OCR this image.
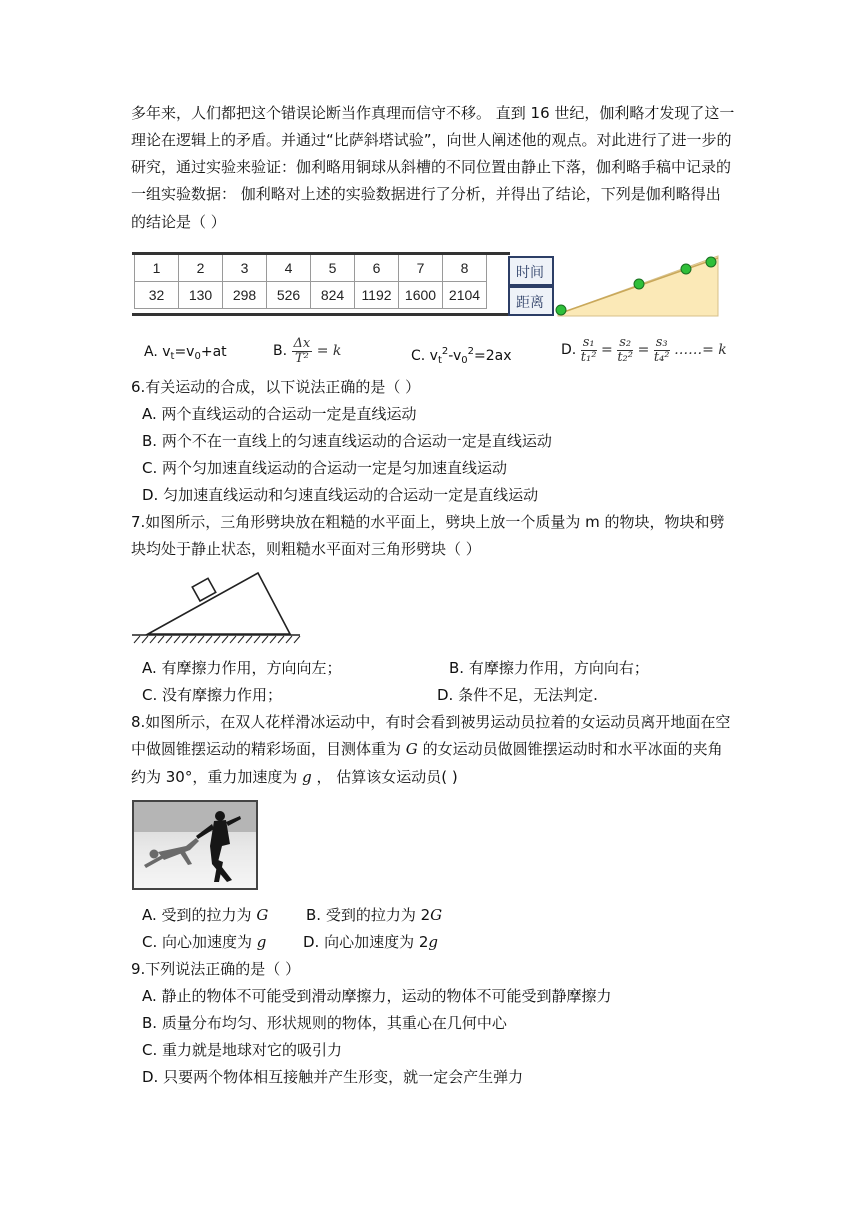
多年来，人们都把这个错误论断当作真理而信守不移。 直到 16 世纪，伽利略才发现了这一
理论在逻辑上的矛盾。并通过“比萨斜塔试验”，向世人阐述他的观点。对此进行了进一步的
研究，通过实验来验证：伽利略用铜球从斜槽的不同位置由静止下落，伽利略手稿中记录的
一组实验数据： 伽利略对上述的实验数据进行了分析，并得出了结论，下列是伽利略得出
的结论是（ ）
1	2	3	4	5	6	7	8
32	130	298	526	824	1192	1600	2104
时间
距离
A. $v_t=v_0+at$	B. $\frac{\Delta x}{\text{T²}} = k$	C. $v_t^2-v_0^2=2ax$	D. $\frac{\text{s₁}}{\text{t₁²}} = \frac{\text{s₂}}{\text{t₂²}} = \frac{\text{s₃}}{\text{t₄²}}$ ……= k
6.有关运动的合成，以下说法正确的是（ ）
A. 两个直线运动的合运动一定是直线运动
B. 两个不在一直线上的匀速直线运动的合运动一定是直线运动
C. 两个匀加速直线运动的合运动一定是匀加速直线运动
D. 匀加速直线运动和匀速直线运动的合运动一定是直线运动
7.如图所示，三角形劈块放在粗糙的水平面上，劈块上放一个质量为 m 的物块，物块和劈
块均处于静止状态，则粗糙水平面对三角形劈块（ ）
A. 有摩擦力作用，方向向左；	B. 有摩擦力作用，方向向右；
C. 没有摩擦力作用；	D. 条件不足，无法判定.
8.如图所示，在双人花样滑冰运动中，有时会看到被男运动员拉着的女运动员离开地面在空
中做圆锥摆运动的精彩场面，目测体重为 G 的女运动员做圆锥摆运动时和水平冰面的夹角
约为 30°，重力加速度为 g ， 估算该女运动员( )
A. 受到的拉力为 G	B. 受到的拉力为 2G
C. 向心加速度为 g D. 向心加速度为 2g
9.下列说法正确的是（ ）
A. 静止的物体不可能受到滑动摩擦力，运动的物体不可能受到静摩擦力
B. 质量分布均匀、形状规则的物体，其重心在几何中心
C. 重力就是地球对它的吸引力
D. 只要两个物体相互接触并产生形变，就一定会产生弹力
